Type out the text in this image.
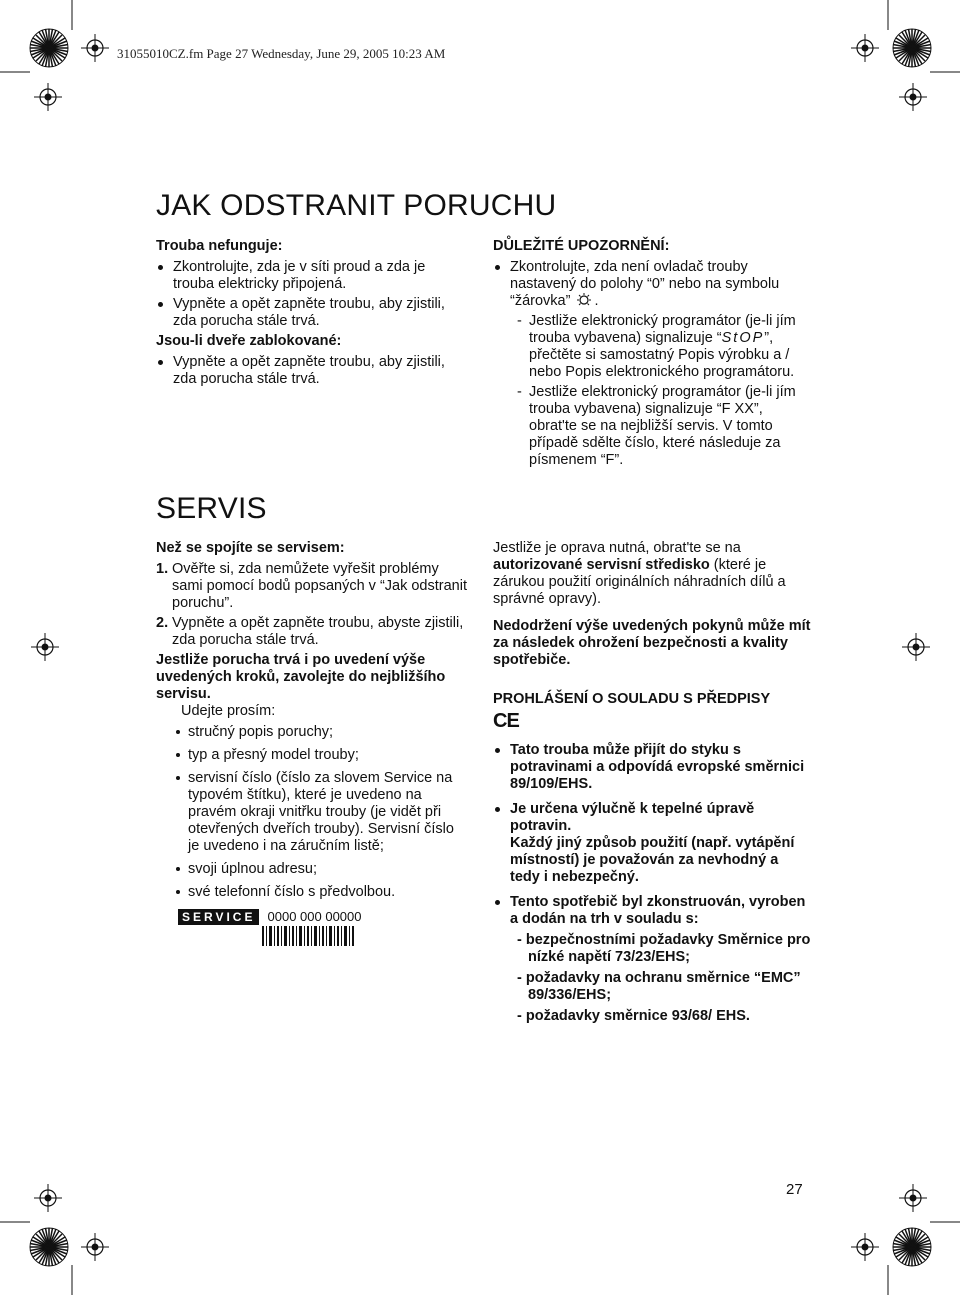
31055010CZ.fm Page 27 Wednesday, June 29, 2005 10:23 AM
JAK ODSTRANIT PORUCHU

Trouba nefunguje:

Zkontrolujte, zda je v síti proud a zda je trouba elektricky připojená.
Vypněte a opět zapněte troubu, aby zjistili, zda porucha stále trvá.

Jsou-li dveře zablokované:

Vypněte a opět zapněte troubu, aby zjistili, zda porucha stále trvá.

DŮLEŽITÉ UPOZORNĚNÍ:

Zkontrolujte, zda není ovladač trouby nastavený do polohy “0” nebo na symbolu “žárovka” .
- Jestliže elektronický programátor (je-li jím trouba vybavena) signalizuje “StOP”, přečtěte si samostatný Popis výrobku a / nebo Popis elektronického programátoru.
- Jestliže elektronický programátor (je-li jím trouba vybavena) signalizuje “F XX”, obrat'te se na nejbližší servis. V tomto případě sdělte číslo, které následuje za písmenem “F”.
SERVIS

Než se spojíte se servisem:

1. Ověřte si, zda nemůžete vyřešit problémy sami pomocí bodů popsaných v “Jak odstranit poruchu”.
2. Vypněte a opět zapněte troubu, abyste zjistili, zda porucha stále trvá.

Jestliže porucha trvá i po uvedení výše uvedených kroků, zavolejte do nejbližšího servisu.

Udejte prosím:

stručný popis poruchy;
typ a přesný model trouby;
servisní číslo (číslo za slovem Service na typovém štítku), které je uvedeno na pravém okraji vnitřku trouby (je vidět při otevřených dveřích trouby). Servisní číslo je uvedeno i na záručním listě;
svoji úplnou adresu;
své telefonní číslo s předvolbou.
SERVICE 0000 000 00000

Jestliže je oprava nutná, obrat'te se na autorizované servisní středisko (které je zárukou použití originálních náhradních dílů a správné opravy).

Nedodržení výše uvedených pokynů může mít za následek ohrožení bezpečnosti a kvality spotřebiče.

PROHLÁŠENÍ O SOULADU S PŘEDPISY

CE
Tato trouba může přijít do styku s potravinami a odpovídá evropské směrnici 89/109/EHS.
Je určena výlučně k tepelné úpravě potravin.
Každý jiný způsob použití (např. vytápění místností) je považován za nevhodný a tedy i nebezpečný.
Tento spotřebič byl zkonstruován, vyroben a dodán na trh v souladu s:

- bezpečnostními požadavky Směrnice pro nízké napětí 73/23/EHS;

- požadavky na ochranu směrnice “EMC” 89/336/EHS;

- požadavky směrnice 93/68/ EHS.

27
